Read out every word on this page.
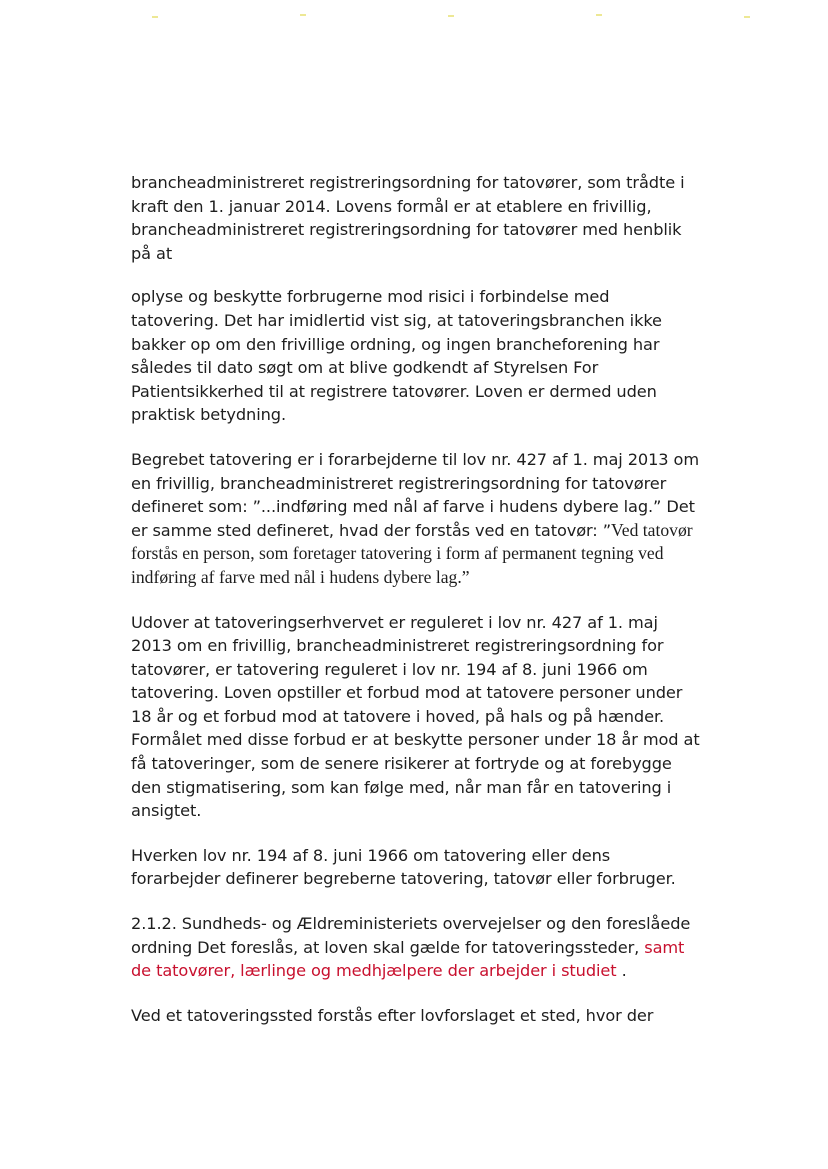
brancheadministreret registreringsordning for tatovører, som trådte i kraft den 1. januar 2014. Lovens formål er at etablere en frivillig, brancheadministreret registreringsordning for tatovører med henblik på at

oplyse og beskytte forbrugerne mod risici i forbindelse med tatovering. Det har imidlertid vist sig, at tatoveringsbranchen ikke bakker op om den frivillige ordning, og ingen brancheforening har således til dato søgt om at blive godkendt af Styrelsen For Patientsikkerhed til at registrere tatovører. Loven er dermed uden praktisk betydning.

Begrebet tatovering er i forarbejderne til lov nr. 427 af 1. maj 2013 om en frivillig, brancheadministreret registreringsordning for tatovører defineret som: ”...indføring med nål af farve i hudens dybere lag.” Det er samme sted defineret, hvad der forstås ved en tatovør: ”Ved tatovør forstås en person, som foretager tatovering i form af permanent tegning ved indføring af farve med nål i hudens dybere lag.”

Udover at tatoveringserhvervet er reguleret i lov nr. 427 af 1. maj 2013 om en frivillig, brancheadministreret registreringsordning for tatovører, er tatovering reguleret i lov nr. 194 af 8. juni 1966 om tatovering. Loven opstiller et forbud mod at tatovere personer under 18 år og et forbud mod at tatovere i hoved, på hals og på hænder. Formålet med disse forbud er at beskytte personer under 18 år mod at få tatoveringer, som de senere risikerer at fortryde og at forebygge den stigmatisering, som kan følge med, når man får en tatovering i ansigtet.

Hverken lov nr. 194 af 8. juni 1966 om tatovering eller dens forarbejder definerer begreberne tatovering, tatovør eller forbruger.

2.1.2. Sundheds- og Ældreministeriets overvejelser og den foreslåede ordning Det foreslås, at loven skal gælde for tatoveringssteder, samt de tatovører, lærlinge og medhjælpere der arbejder i studiet .

Ved et tatoveringssted forstås efter lovforslaget et sted, hvor der
